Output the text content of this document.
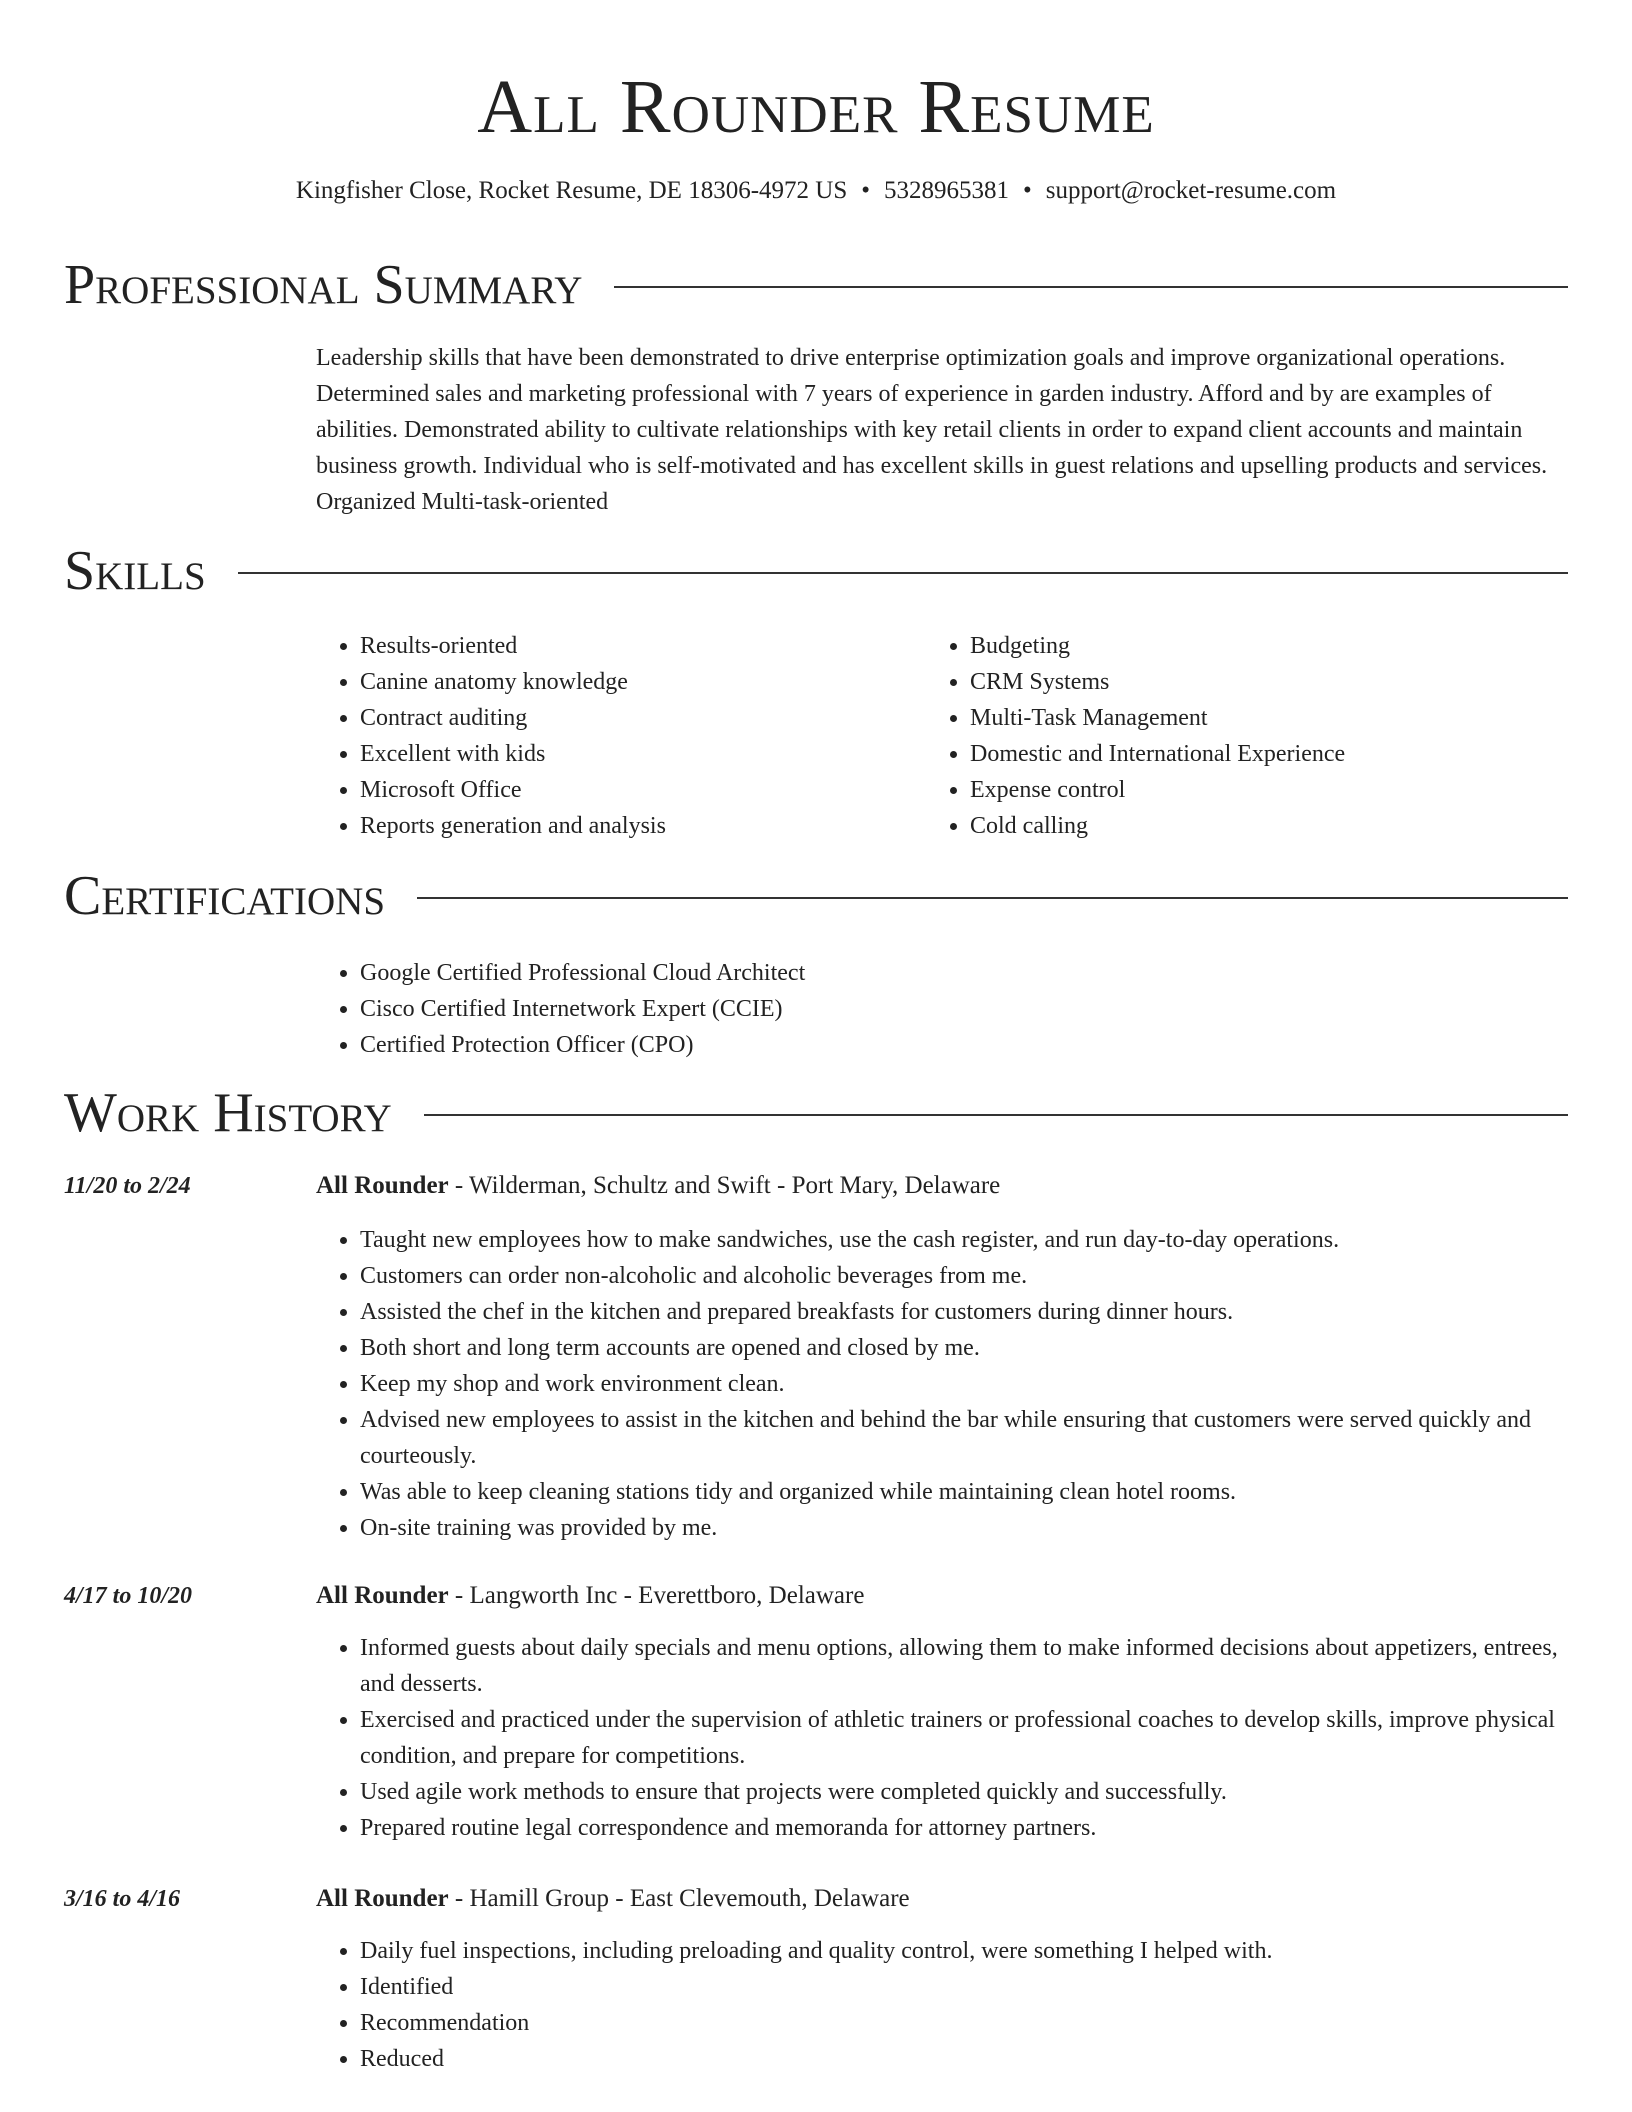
All Rounder Resume
Kingfisher Close, Rocket Resume, DE 18306-4972 US • 5328965381 • support@rocket-resume.com
Professional Summary

Leadership skills that have been demonstrated to drive enterprise optimization goals and improve organizational operations. Determined sales and marketing professional with 7 years of experience in garden industry. Afford and by are examples of abilities. Demonstrated ability to cultivate relationships with key retail clients in order to expand client accounts and maintain business growth. Individual who is self-motivated and has excellent skills in guest relations and upselling products and services. Organized Multi-task-oriented

Skills
• Results-oriented
• Canine anatomy knowledge
• Contract auditing
• Excellent with kids
• Microsoft Office
• Reports generation and analysis
• Budgeting
• CRM Systems
• Multi-Task Management
• Domestic and International Experience
• Expense control
• Cold calling
Certifications
• Google Certified Professional Cloud Architect
• Cisco Certified Internetwork Expert (CCIE)
• Certified Protection Officer (CPO)
Work History
11/20 to 2/24	All Rounder - Wilderman, Schultz and Swift - Port Mary, Delaware
• Taught new employees how to make sandwiches, use the cash register, and run day-to-day operations.
• Customers can order non-alcoholic and alcoholic beverages from me.
• Assisted the chef in the kitchen and prepared breakfasts for customers during dinner hours.
• Both short and long term accounts are opened and closed by me.
• Keep my shop and work environment clean.
• Advised new employees to assist in the kitchen and behind the bar while ensuring that customers were served quickly and courteously.
• Was able to keep cleaning stations tidy and organized while maintaining clean hotel rooms.
• On-site training was provided by me.
4/17 to 10/20	All Rounder - Langworth Inc - Everettboro, Delaware
• Informed guests about daily specials and menu options, allowing them to make informed decisions about appetizers, entrees, and desserts.
• Exercised and practiced under the supervision of athletic trainers or professional coaches to develop skills, improve physical condition, and prepare for competitions.
• Used agile work methods to ensure that projects were completed quickly and successfully.
• Prepared routine legal correspondence and memoranda for attorney partners.
3/16 to 4/16	All Rounder - Hamill Group - East Clevemouth, Delaware
• Daily fuel inspections, including preloading and quality control, were something I helped with.
• Identified
• Recommendation
• Reduced
